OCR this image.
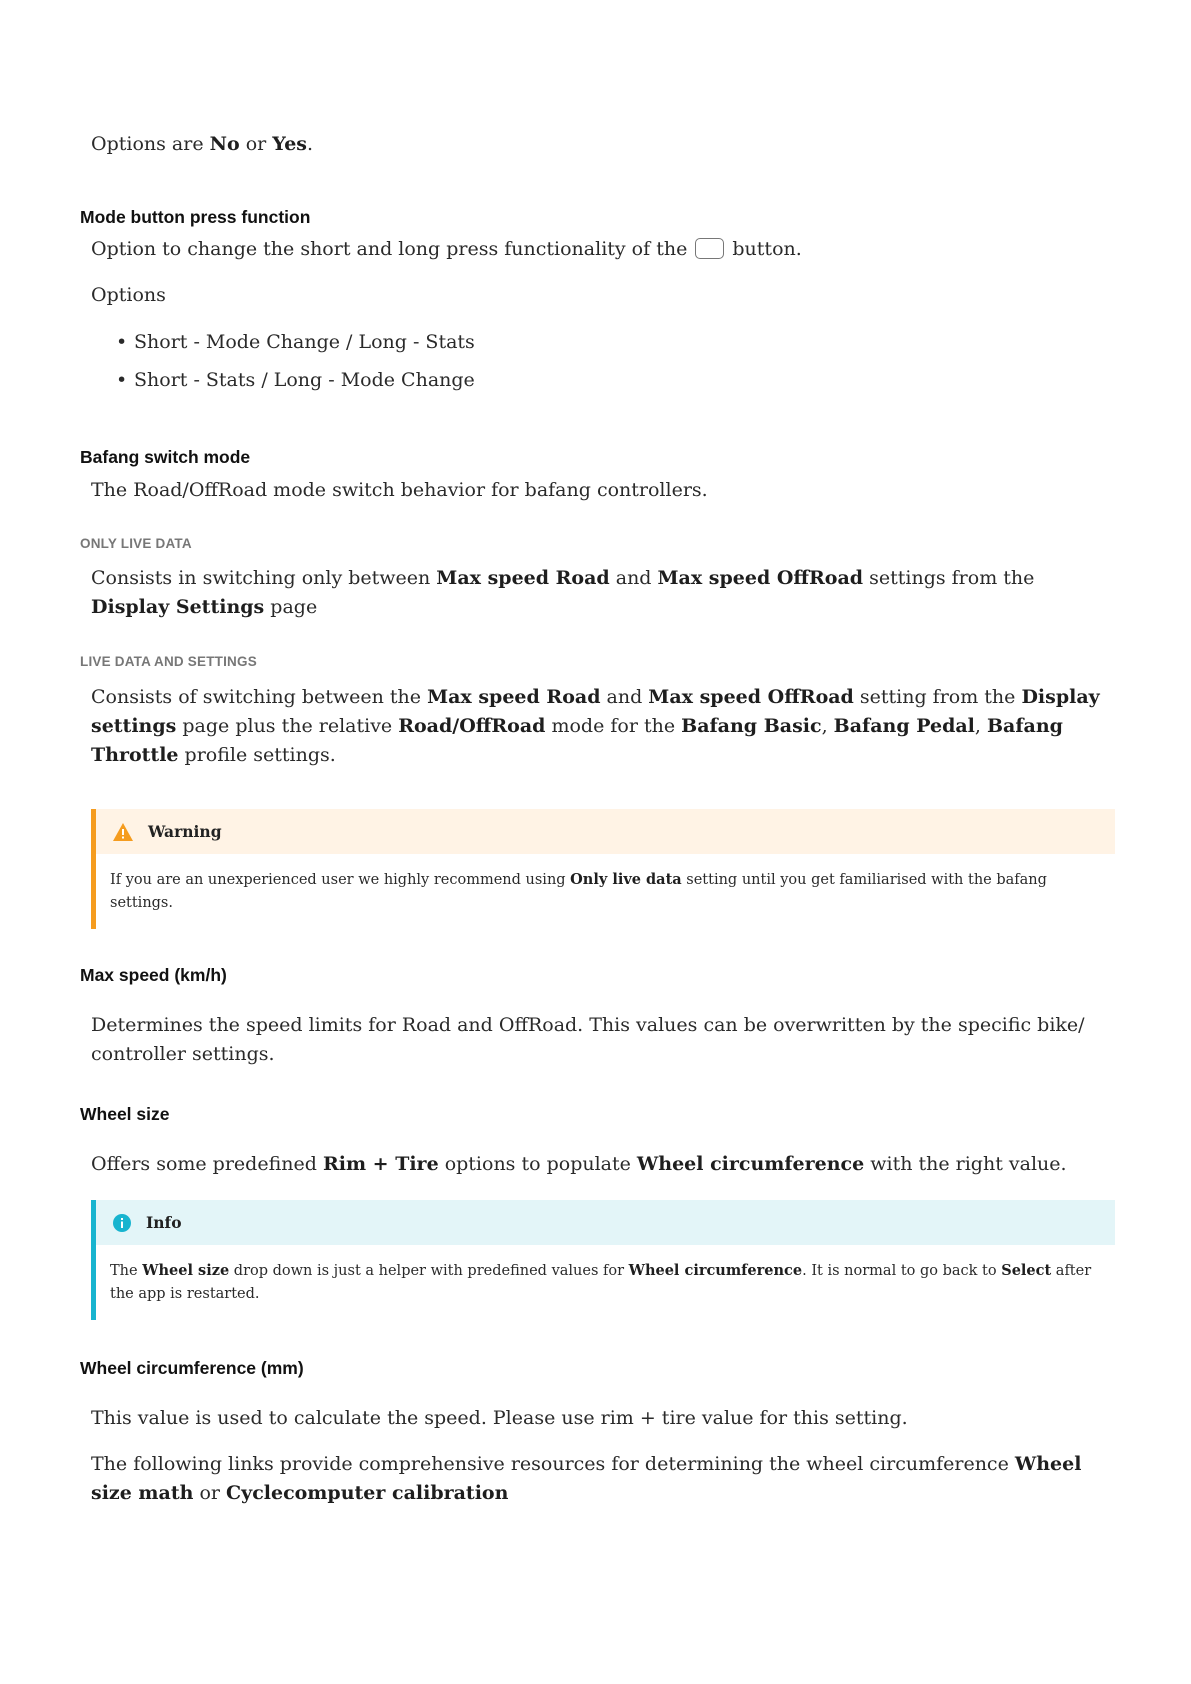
Options are No or Yes.

Mode button press function

Option to change the short and long press functionality of the  button.

Options

• Short - Mode Change / Long - Stats
• Short - Stats / Long - Mode Change
Bafang switch mode

The Road/OffRoad mode switch behavior for bafang controllers.

ONLY LIVE DATA

Consists in switching only between Max speed Road and Max speed OffRoad settings from the Display Settings page

LIVE DATA AND SETTINGS

Consists of switching between the Max speed Road and Max speed OffRoad setting from the Display settings page plus the relative Road/OffRoad mode for the Bafang Basic, Bafang Pedal, Bafang Throttle profile settings.

Warning
If you are an unexperienced user we highly recommend using Only live data setting until you get familiarised with the bafang settings.
Max speed (km/h)

Determines the speed limits for Road and OffRoad. This values can be overwritten by the specific bike/ controller settings.

Wheel size

Offers some predefined Rim + Tire options to populate Wheel circumference with the right value.

Info
The Wheel size drop down is just a helper with predefined values for Wheel circumference. It is normal to go back to Select after the app is restarted.
Wheel circumference (mm)

This value is used to calculate the speed. Please use rim + tire value for this setting.

The following links provide comprehensive resources for determining the wheel circumference Wheel size math or Cyclecomputer calibration
